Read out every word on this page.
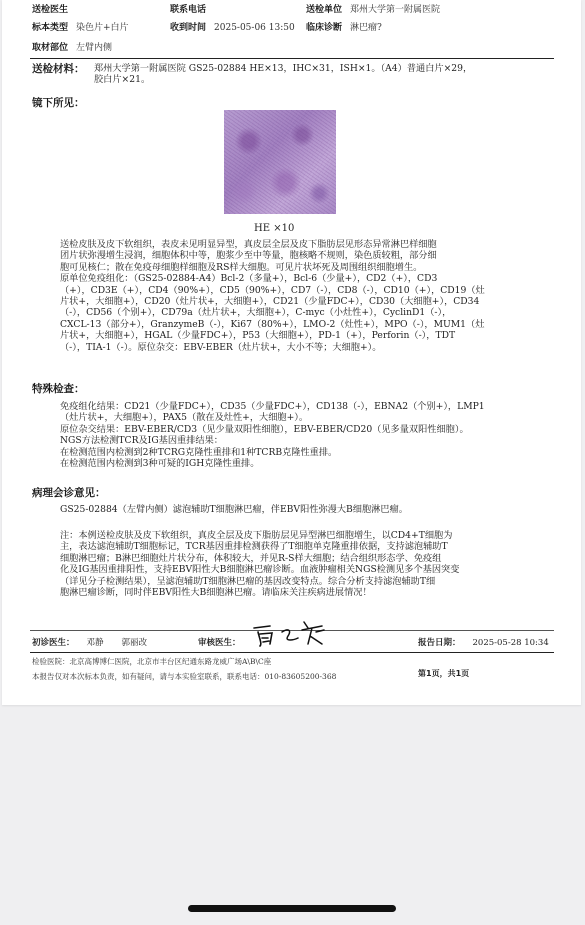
送检医生	联系电话	送检单位 郑州大学第一附属医院
标本类型 染色片+白片	收到时间 2025-05-06 13:50 临床诊断 淋巴瘤?
取材部位 左臂内侧
送检材料： 郑州大学第一附属医院 GS25-02884 HE×13，IHC×31，ISH×1。（A4）普通白片×29，
胶白片×21。
镜下所见：
HE ×10
送检皮肤及皮下软组织，表皮未见明显异型，真皮层全层及皮下脂肪层见形态异常淋巴样细胞
团片状弥漫增生浸润，细胞体积中等，胞浆少至中等量，胞核略不规则，染色质较粗，部分细
胞可见核仁；散在免疫母细胞样细胞及RS样大细胞。可见片状坏死及周围组织细胞增生。
原单位免疫组化：（GS25-02884-A4）Bcl-2（多量+），Bcl-6（少量+），CD2（+），CD3
（+），CD3E（+），CD4（90%+），CD5（90%+），CD7（-），CD8（-），CD10（+），CD19（灶
片状+，大细胞+），CD20（灶片状+，大细胞+），CD21（少量FDC+），CD30（大细胞+），CD34
（-），CD56（个别+），CD79a（灶片状+，大细胞+），C-myc（小灶性+），CyclinD1（-），
CXCL-13（部分+），GranzymeB（-），Ki67（80%+），LMO-2（灶性+），MPO（-），MUM1（灶
片状+，大细胞+），HGAL（少量FDC+），P53（大细胞+），PD-1（+），Perforin（-），TDT
（-），TIA-1（-）。原位杂交：EBV-EBER（灶片状+，大小不等；大细胞+）。
特殊检查：
免疫组化结果：CD21（少量FDC+），CD35（少量FDC+），CD138（-），EBNA2（个别+），LMP1
（灶片状+，大细胞+），PAX5（散在及灶性+，大细胞+）。
原位杂交结果：EBV-EBER/CD3（见少量双阳性细胞），EBV-EBER/CD20（见多量双阳性细胞）。
NGS方法检测TCR及IG基因重排结果：
在检测范围内检测到2种TCRG克隆性重排和1种TCRB克隆性重排。
在检测范围内检测到3种可疑的IGH克隆性重排。
病理会诊意见：
GS25-02884（左臂内侧）滤泡辅助T细胞淋巴瘤，伴EBV阳性弥漫大B细胞淋巴瘤。
注：本例送检皮肤及皮下软组织，真皮全层及皮下脂肪层见异型淋巴细胞增生，以CD4+T细胞为
主，表达滤泡辅助T细胞标记，TCR基因重排检测获得了T细胞单克隆重排依据，支持滤泡辅助T
细胞淋巴瘤；B淋巴细胞灶片状分布，体积较大，并见R-S样大细胞；结合组织形态学、免疫组
化及IG基因重排阳性，支持EBV阳性大B细胞淋巴瘤诊断。血液肿瘤相关NGS检测见多个基因突变
（详见分子检测结果），呈滤泡辅助T细胞淋巴瘤的基因改变特点。综合分析支持滤泡辅助T细
胞淋巴瘤诊断，同时伴EBV阳性大B细胞淋巴瘤。请临床关注疾病进展情况！
初诊医生： 邓静 郭丽改	审核医生：	报告日期： 2025-05-28 10:34
检验医院：北京高博博仁医院，北京市丰台区纪通东路龙威广场A\B\C座
本报告仅对本次标本负责，如有疑问，请与本实验室联系，联系电话：010-83605200-368	第1页，共1页
